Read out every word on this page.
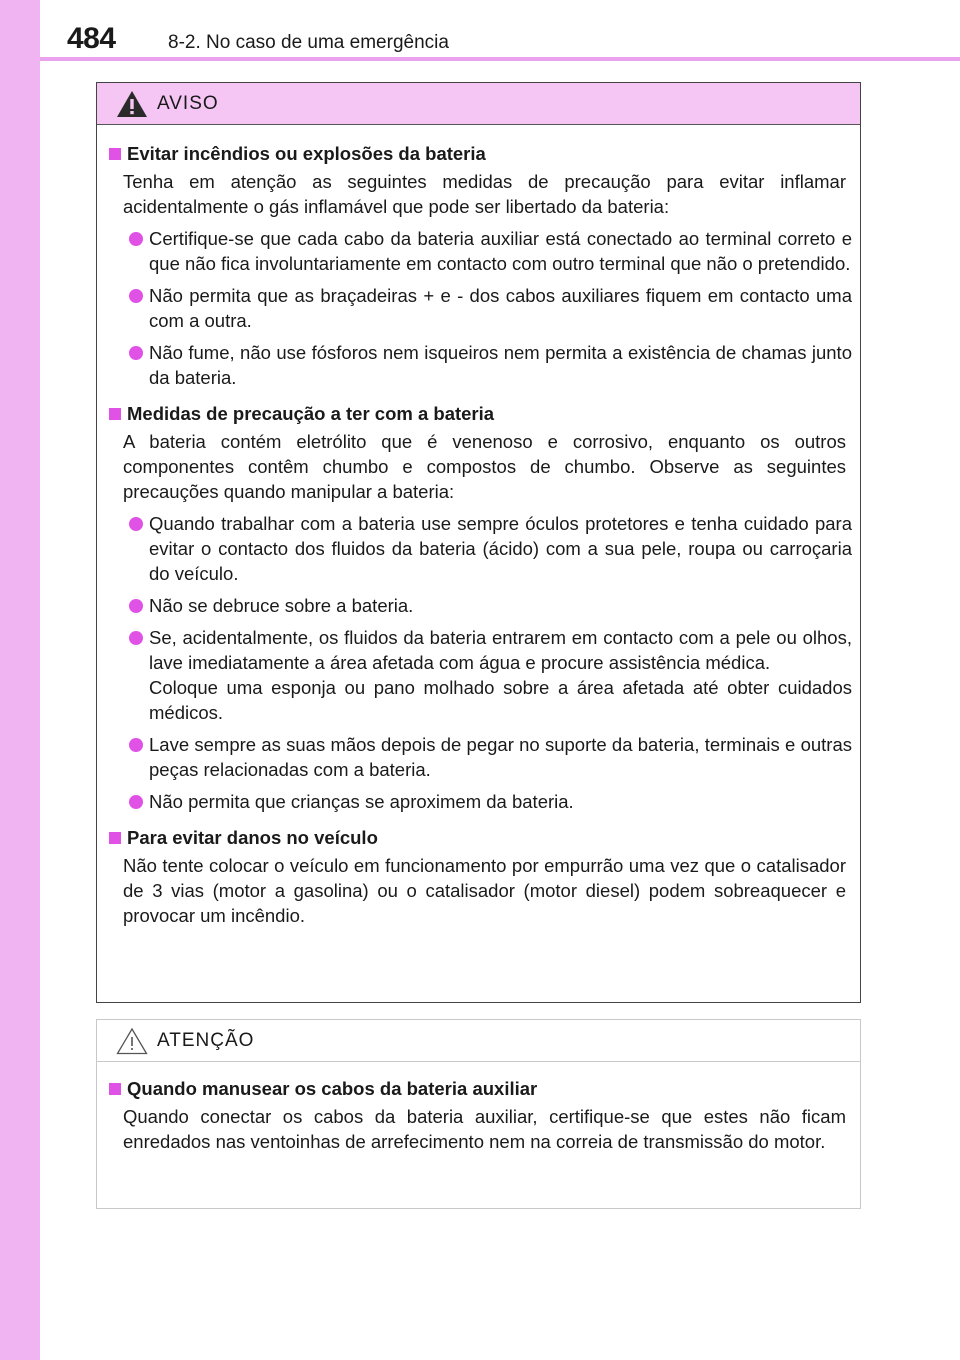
484	8-2. No caso de uma emergência
AVISO
Evitar incêndios ou explosões da bateria
Tenha em atenção as seguintes medidas de precaução para evitar inflamar acidentalmente o gás inflamável que pode ser libertado da bateria:
Certifique-se que cada cabo da bateria auxiliar está conectado ao terminal correto e que não fica involuntariamente em contacto com outro terminal que não o pretendido.
Não permita que as braçadeiras + e - dos cabos auxiliares fiquem em contacto uma com a outra.
Não fume, não use fósforos nem isqueiros nem permita a existência de chamas junto da bateria.
Medidas de precaução a ter com a bateria
A bateria contém eletrólito que é venenoso e corrosivo, enquanto os outros componentes contêm chumbo e compostos de chumbo. Observe as seguintes precauções quando manipular a bateria:
Quando trabalhar com a bateria use sempre óculos protetores e tenha cuidado para evitar o contacto dos fluidos da bateria (ácido) com a sua pele, roupa ou carroçaria do veículo.
Não se debruce sobre a bateria.
Se, acidentalmente, os fluidos da bateria entrarem em contacto com a pele ou olhos, lave imediatamente a área afetada com água e procure assistência médica.
Coloque uma esponja ou pano molhado sobre a área afetada até obter cuidados médicos.
Lave sempre as suas mãos depois de pegar no suporte da bateria, terminais e outras peças relacionadas com a bateria.
Não permita que crianças se aproximem da bateria.
Para evitar danos no veículo
Não tente colocar o veículo em funcionamento por empurrão uma vez que o catalisador de 3 vias (motor a gasolina) ou o catalisador (motor diesel) podem sobreaquecer e provocar um incêndio.
ATENÇÃO
Quando manusear os cabos da bateria auxiliar
Quando conectar os cabos da bateria auxiliar, certifique-se que estes não ficam enredados nas ventoinhas de arrefecimento nem na correia de transmissão do motor.
